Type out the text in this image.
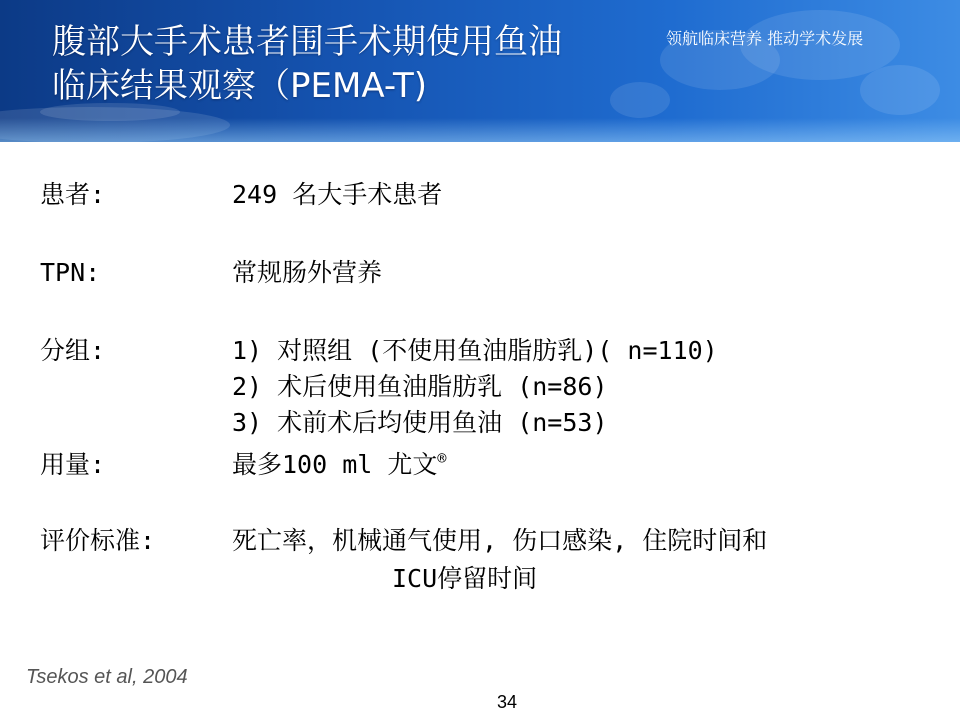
腹部大手术患者围手术期使用鱼油
临床结果观察（PEMA-T)
领航临床营养 推动学术发展
患者:	249 名大手术患者
TPN:	常规肠外营养
分组:	1) 对照组 (不使用鱼油脂肪乳)( n=110)
2) 术后使用鱼油脂肪乳 (n=86)
3) 术前术后均使用鱼油 (n=53)
用量:	最多100 ml 尤文®
评价标准:	死亡率，机械通气使用, 伤口感染, 住院时间和
ICU停留时间
Tsekos et al, 2004
34
